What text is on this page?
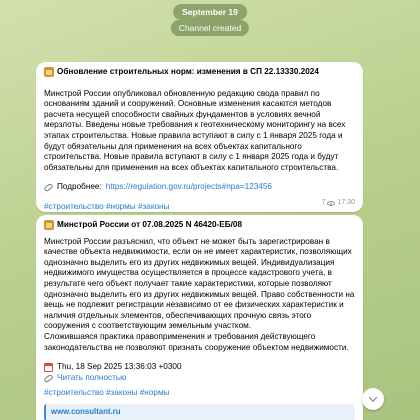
September 19
Channel created
Обновление строительных норм: изменения в СП 22.13330.2024
Минстрой России опубликовал обновленную редакцию свода правил по основаниям зданий и сооружений. Основные изменения касаются методов расчета несущей способности свайных фундаментов в условиях вечной мерзлоты. Введены новые требования к геотехническому мониторингу на всех этапах строительства. Новые правила вступают в силу с 1 января 2025 года и будут обязательны для применения на всех объектах капитального строительства. Новые правила вступают в силу с 1 января 2025 года и будут обязательны для применения на всех объектах капитального строительства.
Подробнее: https://regulation.gov.ru/projects#npa=123456
#строительство #нормы #законы	7 17:30
Минстрой России от 07.08.2025 N 46420-ЕБ/08
Минстрой России разъяснил, что объект не может быть зарегистрирован в качестве объекта недвижимости, если он не имеет характеристик, позволяющих однозначно выделить его из других недвижимых вещей. Индивидуализация недвижимого имущества осуществляется в процессе кадастрового учета, в результате чего объект получает такие характеристики, которые позволяют однозначно выделить его из других недвижимых вещей. Право собственности на вещь не подлежит регистрации независимо от ее физических характеристик и наличия отдельных элементов, обеспечивающих прочную связь этого сооружения с соответствующим земельным участком.
Сложившаяся практика правоприменения и требования действующего законодательства не позволяют признать сооружение объектом недвижимости.
Thu, 18 Sep 2025 13:36:03 +0300
Читать полностью
#строительство #законы #нормы
www.consultant.ru
